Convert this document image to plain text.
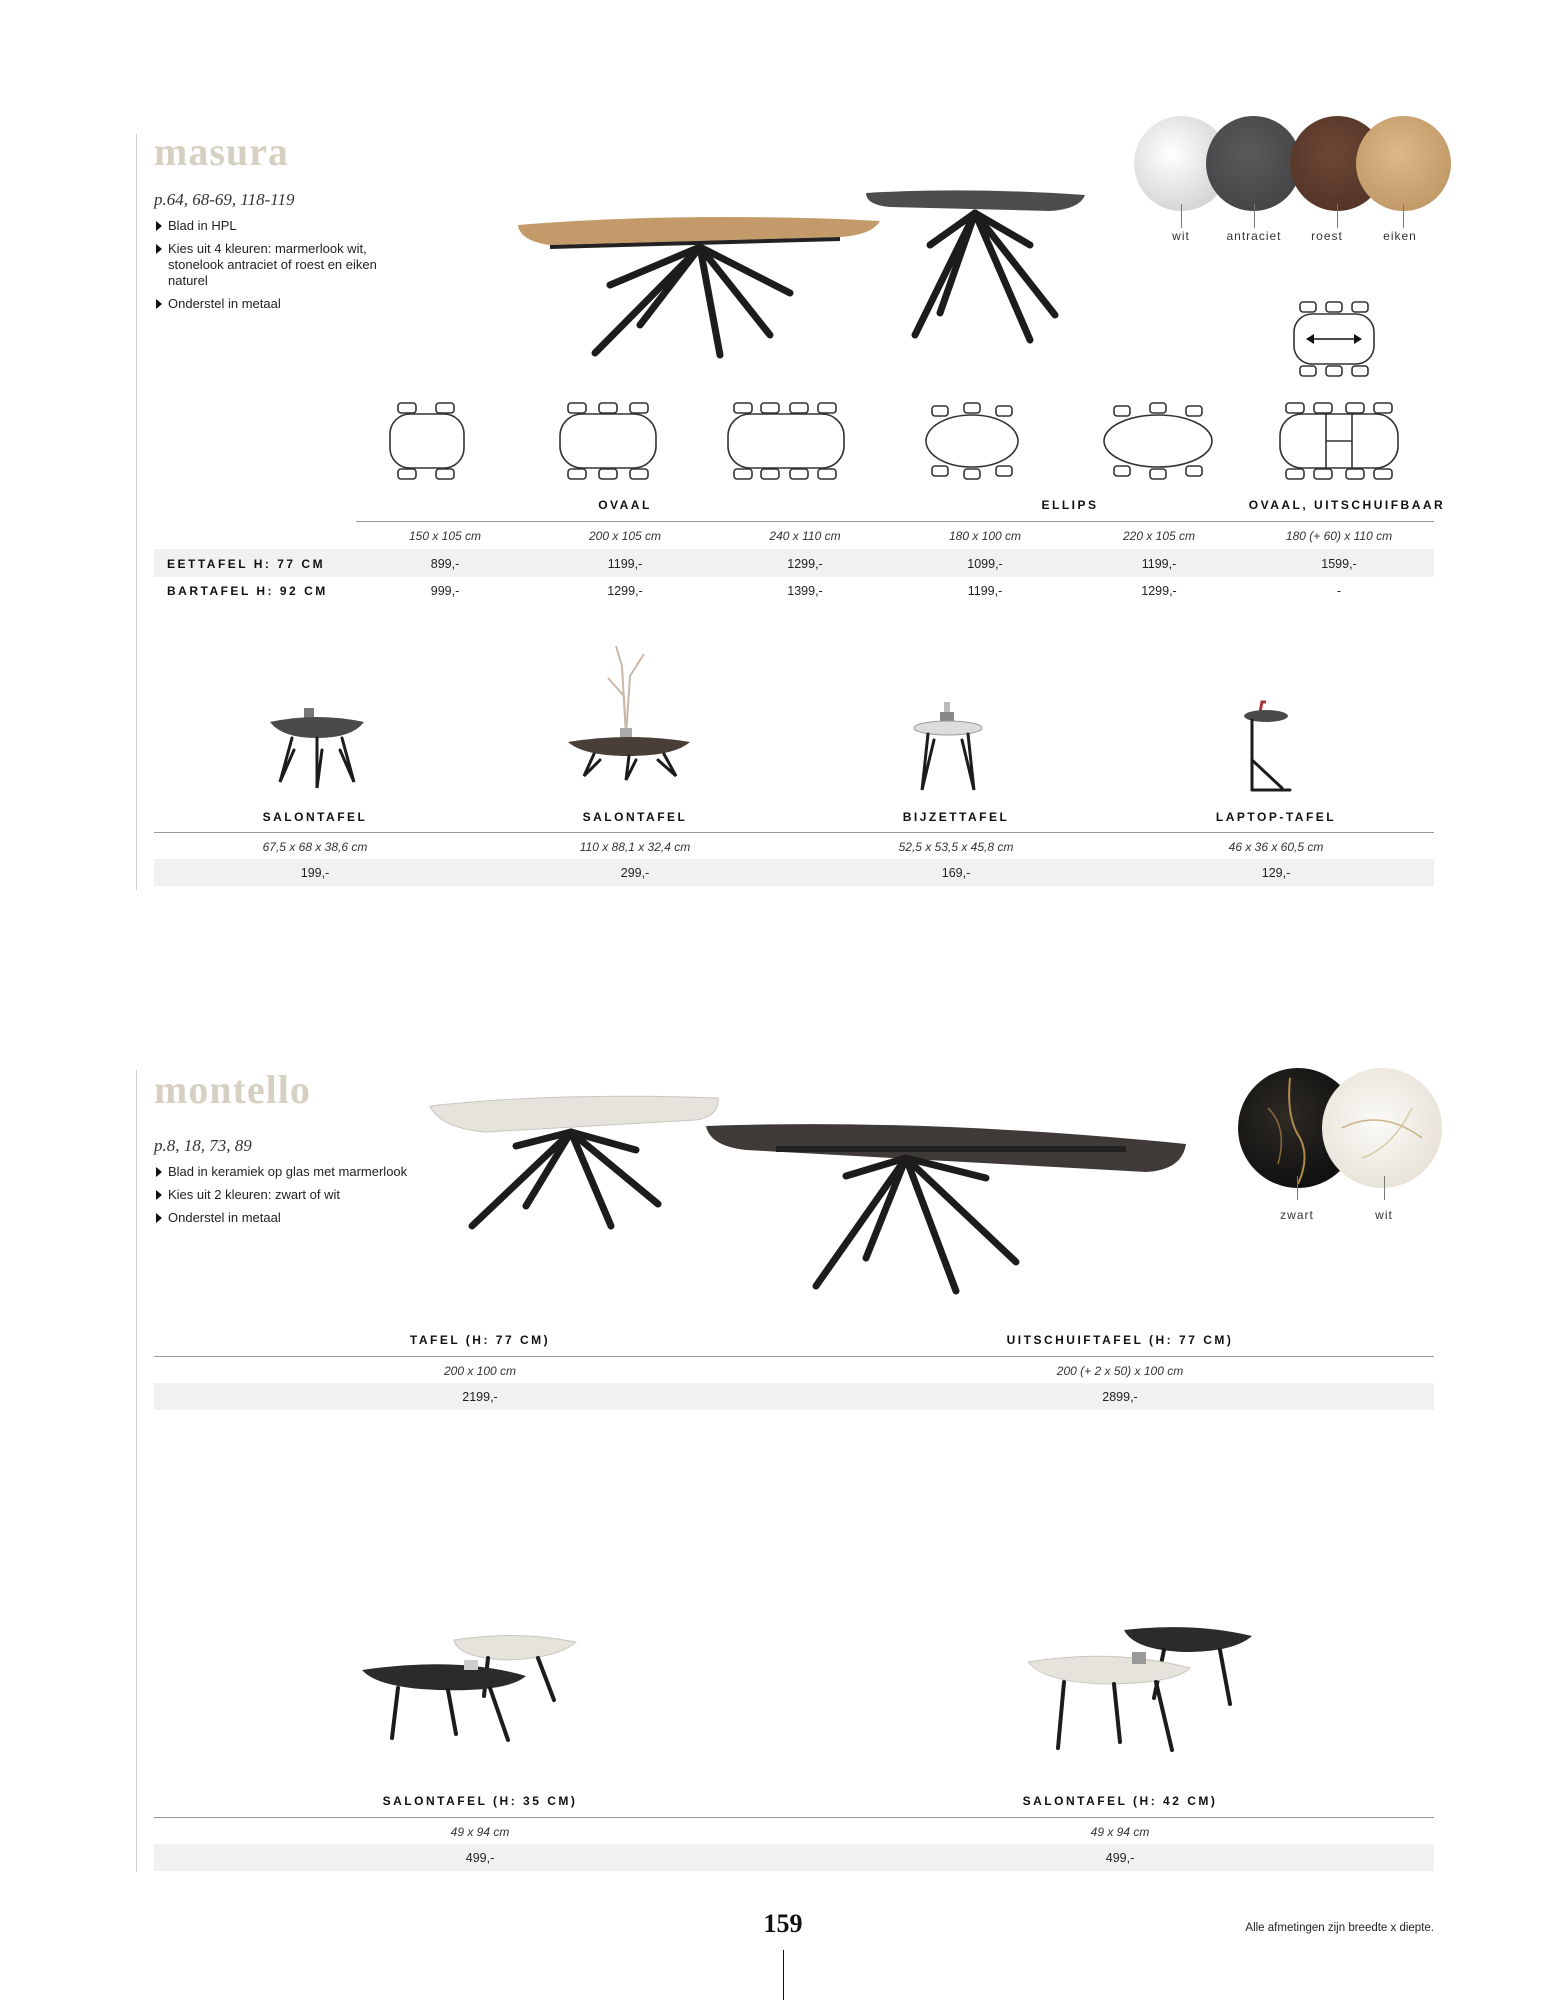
masura
p.64, 68-69, 118-119
Blad in HPL
Kies uit 4 kleuren: marmerlook wit, stonelook antraciet of roest en eiken naturel
Onderstel in metaal
wit	antraciet	roest	eiken
OVAAL	ELLIPS	OVAAL, UITSCHUIFBAAR
150 x 105 cm	200 x 105 cm	240 x 110 cm	180 x 100 cm	220 x 105 cm	180 (+ 60) x 110 cm
EETTAFEL H: 77 CM	899,-	1199,-	1299,-	1099,-	1199,-	1599,-
BARTAFEL H: 92 CM	999,-	1299,-	1399,-	1199,-	1299,-	-
SALONTAFEL	SALONTAFEL	BIJZETTAFEL	LAPTOP-TAFEL
67,5 x 68 x 38,6 cm	110 x 88,1 x 32,4 cm	52,5 x 53,5 x 45,8 cm	46 x 36 x 60,5 cm
199,-	299,-	169,-	129,-
montello
p.8, 18, 73, 89
Blad in keramiek op glas met marmerlook
Kies uit 2 kleuren: zwart of wit
Onderstel in metaal	zwart	wit
TAFEL (H: 77 CM)	UITSCHUIFTAFEL (H: 77 CM)
200 x 100 cm	200 (+ 2 x 50) x 100 cm
2199,-	2899,-
SALONTAFEL (H: 35 CM)	SALONTAFEL (H: 42 CM)
49 x 94 cm	49 x 94 cm
499,-	499,-
159	Alle afmetingen zijn breedte x diepte.
